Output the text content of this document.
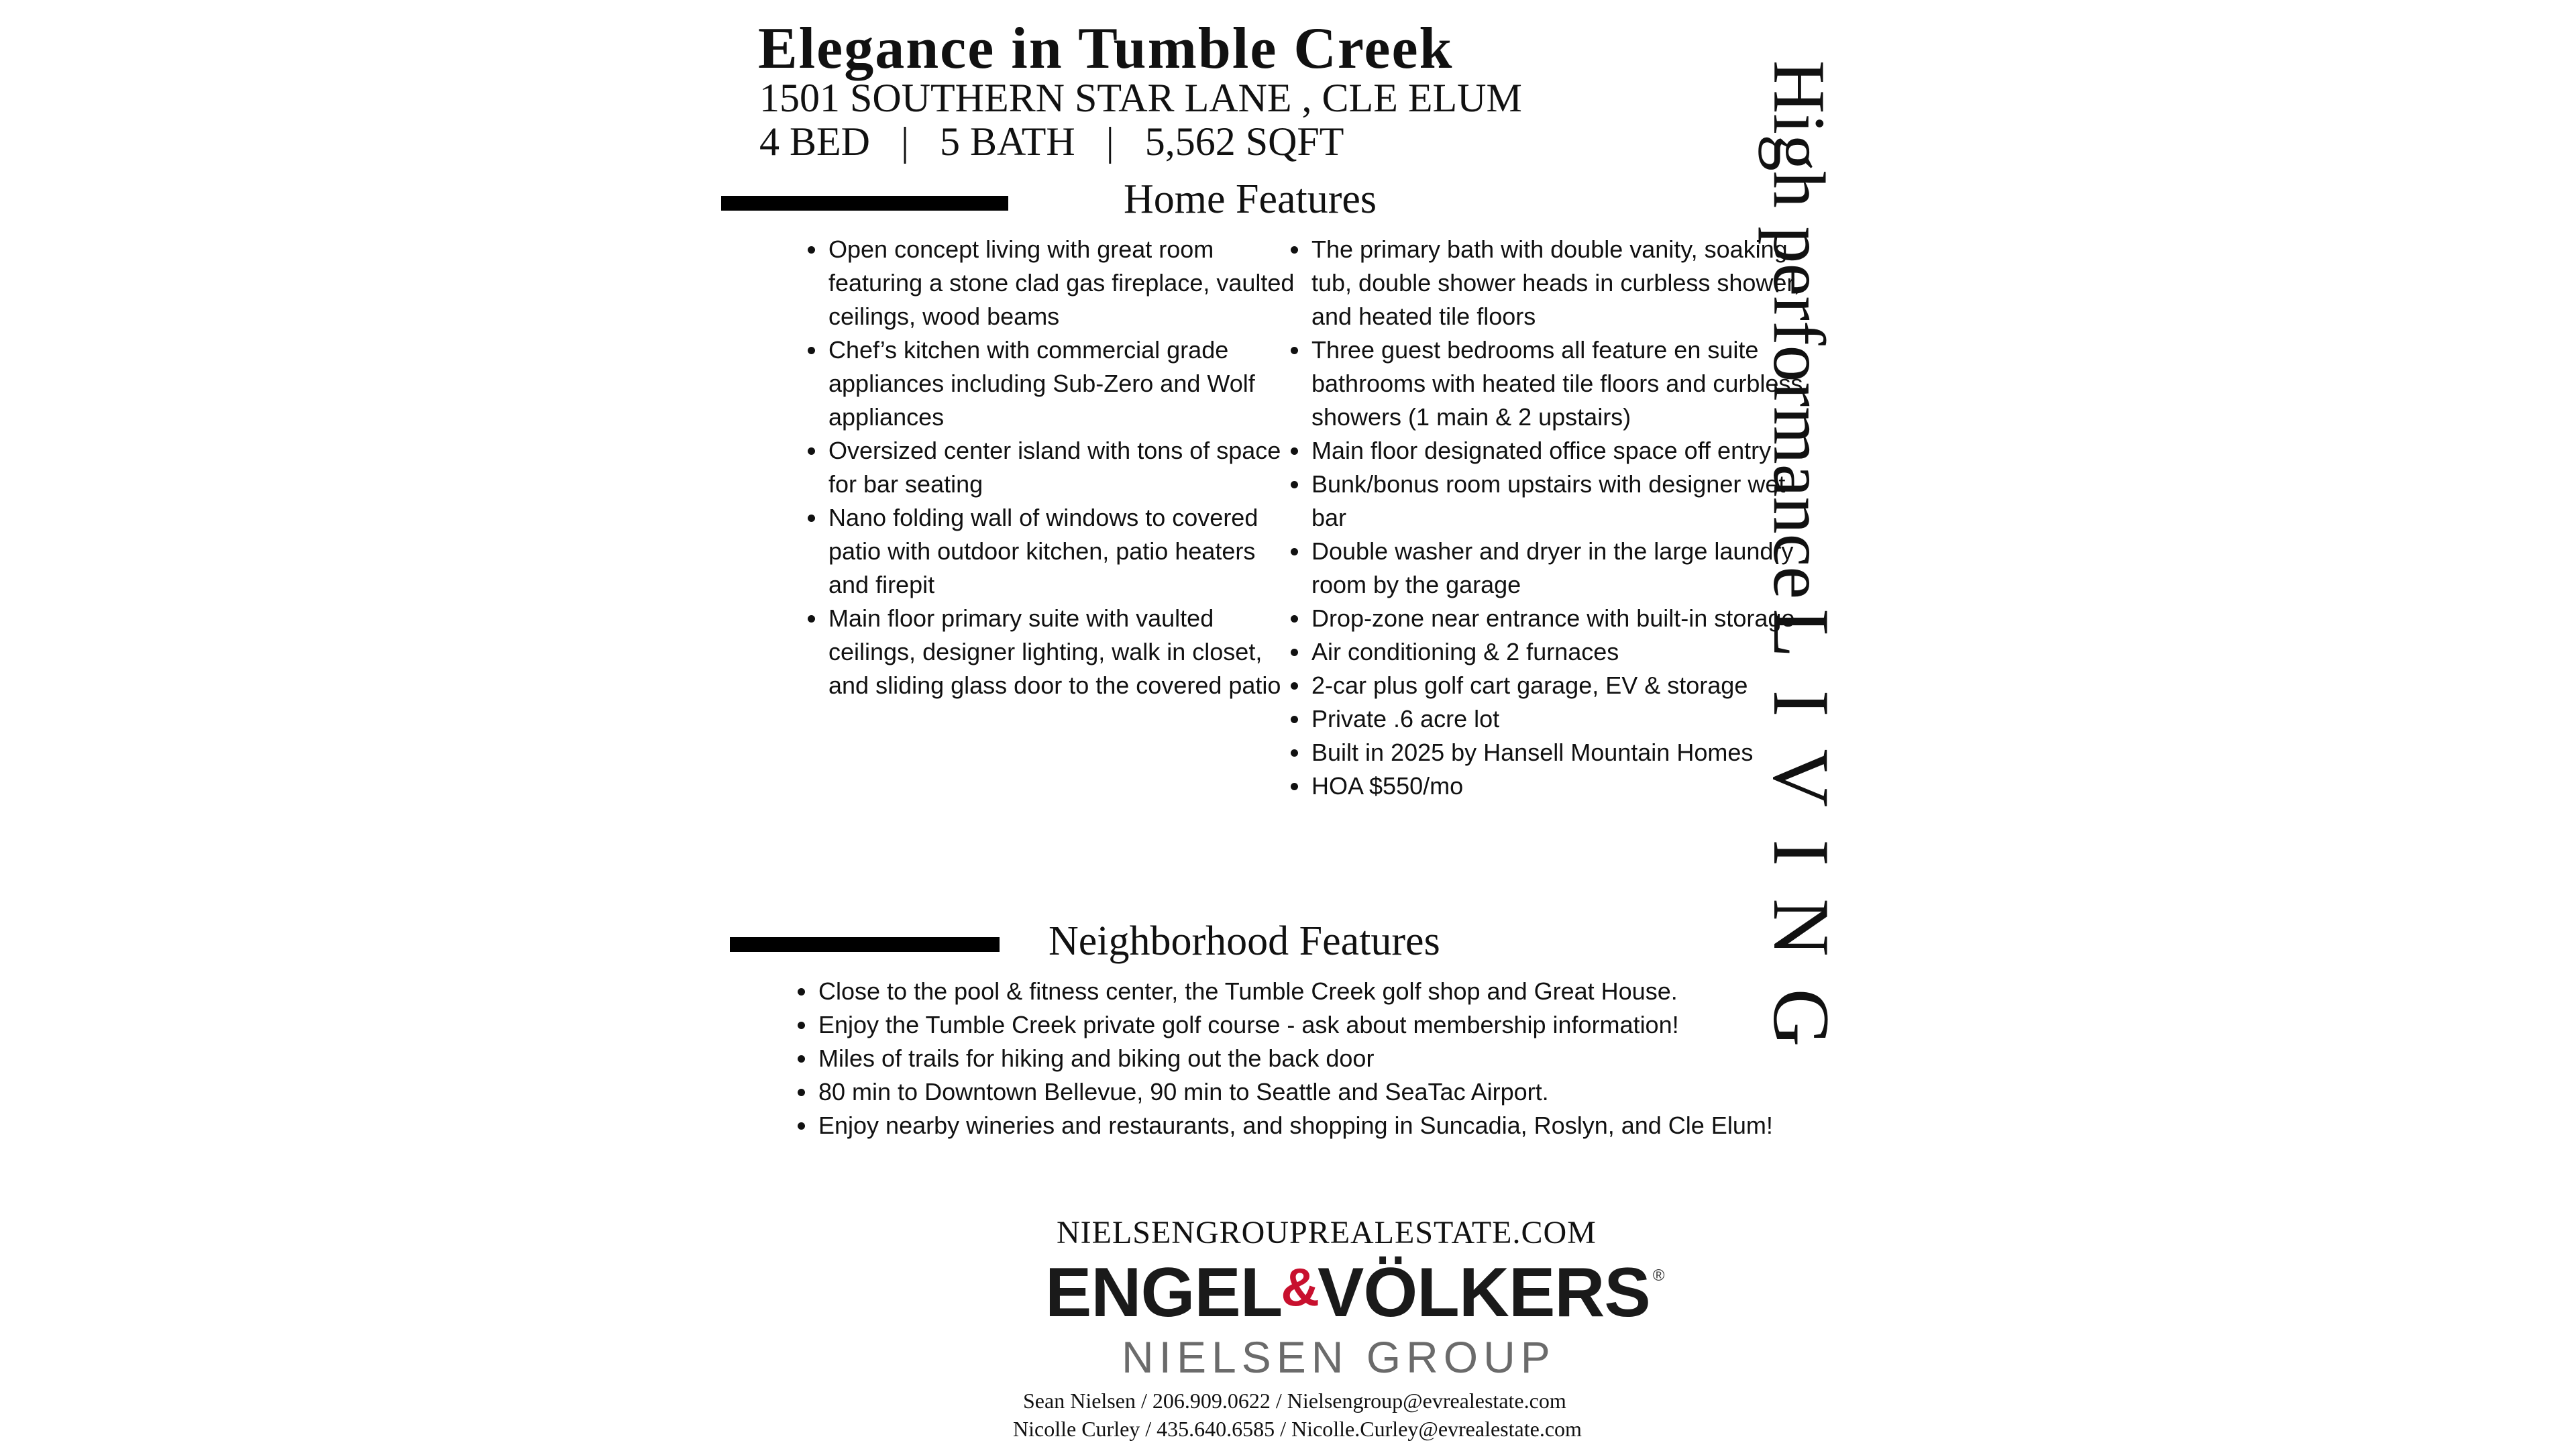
Elegance in Tumble Creek
1501 SOUTHERN STAR LANE , CLE ELUM
4 BED | 5 BATH | 5,562 SQFT
Home Features
• Open concept living with great room featuring a stone clad gas fireplace, vaulted ceilings, wood beams
• Chef’s kitchen with commercial grade appliances including Sub-Zero and Wolf appliances
• Oversized center island with tons of space for bar seating
• Nano folding wall of windows to covered patio with outdoor kitchen, patio heaters and firepit
• Main floor primary suite with vaulted ceilings, designer lighting, walk in closet, and sliding glass door to the covered patio
• The primary bath with double vanity, soaking tub, double shower heads in curbless shower, and heated tile floors
• Three guest bedrooms all feature en suite bathrooms with heated tile floors and curbless showers (1 main & 2 upstairs)
• Main floor designated office space off entry
• Bunk/bonus room upstairs with designer wet bar
• Double washer and dryer in the large laundry room by the garage
• Drop-zone near entrance with built-in storage
• Air conditioning & 2 furnaces
• 2-car plus golf cart garage, EV & storage
• Private .6 acre lot
• Built in 2025 by Hansell Mountain Homes
• HOA $550/mo
High performanceLIVING
Neighborhood Features
• Close to the pool & fitness center, the Tumble Creek golf shop and Great House.
• Enjoy the Tumble Creek private golf course - ask about membership information!
• Miles of trails for hiking and biking out the back door
• 80 min to Downtown Bellevue, 90 min to Seattle and SeaTac Airport.
• Enjoy nearby wineries and restaurants, and shopping in Suncadia, Roslyn, and Cle Elum!
NIELSENGROUPREALESTATE.COM
ENGEL&VÖLKERS ®
NIELSEN GROUP
Sean Nielsen / 206.909.0622 / Nielsengroup@evrealestate.com
Nicolle Curley / 435.640.6585 / Nicolle.Curley@evrealestate.com
